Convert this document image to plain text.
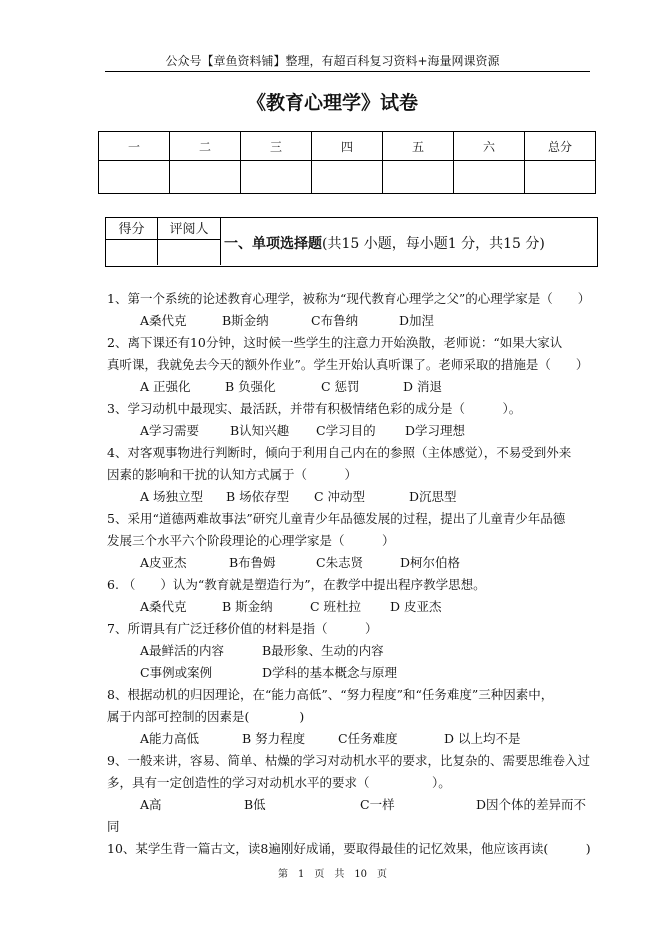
公众号【章鱼资料铺】整理，有超百科复习资料+海量网课资源
《教育心理学》试卷
一	二	三	四	五	六	总分

得分	评阅人
一、单项选择题(共15 小题，每小题1 分，共15 分)
1、第一个系统的论述教育心理学，被称为“现代教育心理学之父”的心理学家是（　　）
A桑代克	B斯金纳	C布鲁纳	D加涅
2、离下课还有10分钟，这时候一些学生的注意力开始涣散，老师说：“如果大家认
真听课，我就免去今天的额外作业”。学生开始认真听课了。老师采取的措施是（　　）
A 正强化	B 负强化	C 惩罚	D 消退
3、学习动机中最现实、最活跃，并带有积极情绪色彩的成分是（　　　）。
A学习需要 B认知兴趣 C学习目的 D学习理想
4、对客观事物进行判断时，倾向于利用自己内在的参照（主体感觉），不易受到外来
因素的影响和干扰的认知方式属于（　　　）
A 场独立型 B 场依存型 C 冲动型	D沉思型
5、采用“道德两难故事法”研究儿童青少年品德发展的过程，提出了儿童青少年品德
发展三个水平六个阶段理论的心理学家是（　　　）
A皮亚杰	B布鲁姆	C朱志贤	D柯尔伯格
6. （　　）认为“教育就是塑造行为”，在教学中提出程序教学思想。
A桑代克	B 斯金纳	C 班杜拉 D 皮亚杰
7、所谓具有广泛迁移价值的材料是指（　　　）
A最鲜活的内容	B最形象、生动的内容
C事例或案例	D学科的基本概念与原理
8、根据动机的归因理论，在“能力高低”、“努力程度”和“任务难度”三种因素中，
属于内部可控制的因素是(　　　　)
A能力高低	B 努力程度	C任务难度	D 以上均不是
9、一般来讲，容易、简单、枯燥的学习对动机水平的要求，比复杂的、需要思维卷入过
多，具有一定创造性的学习对动机水平的要求（　　　　　）。
A高	B低	C一样	D因个体的差异而不
同
10、某学生背一篇古文，读8遍刚好成诵，要取得最佳的记忆效果，他应该再读(　　　)
第　1　页　共　10　页
